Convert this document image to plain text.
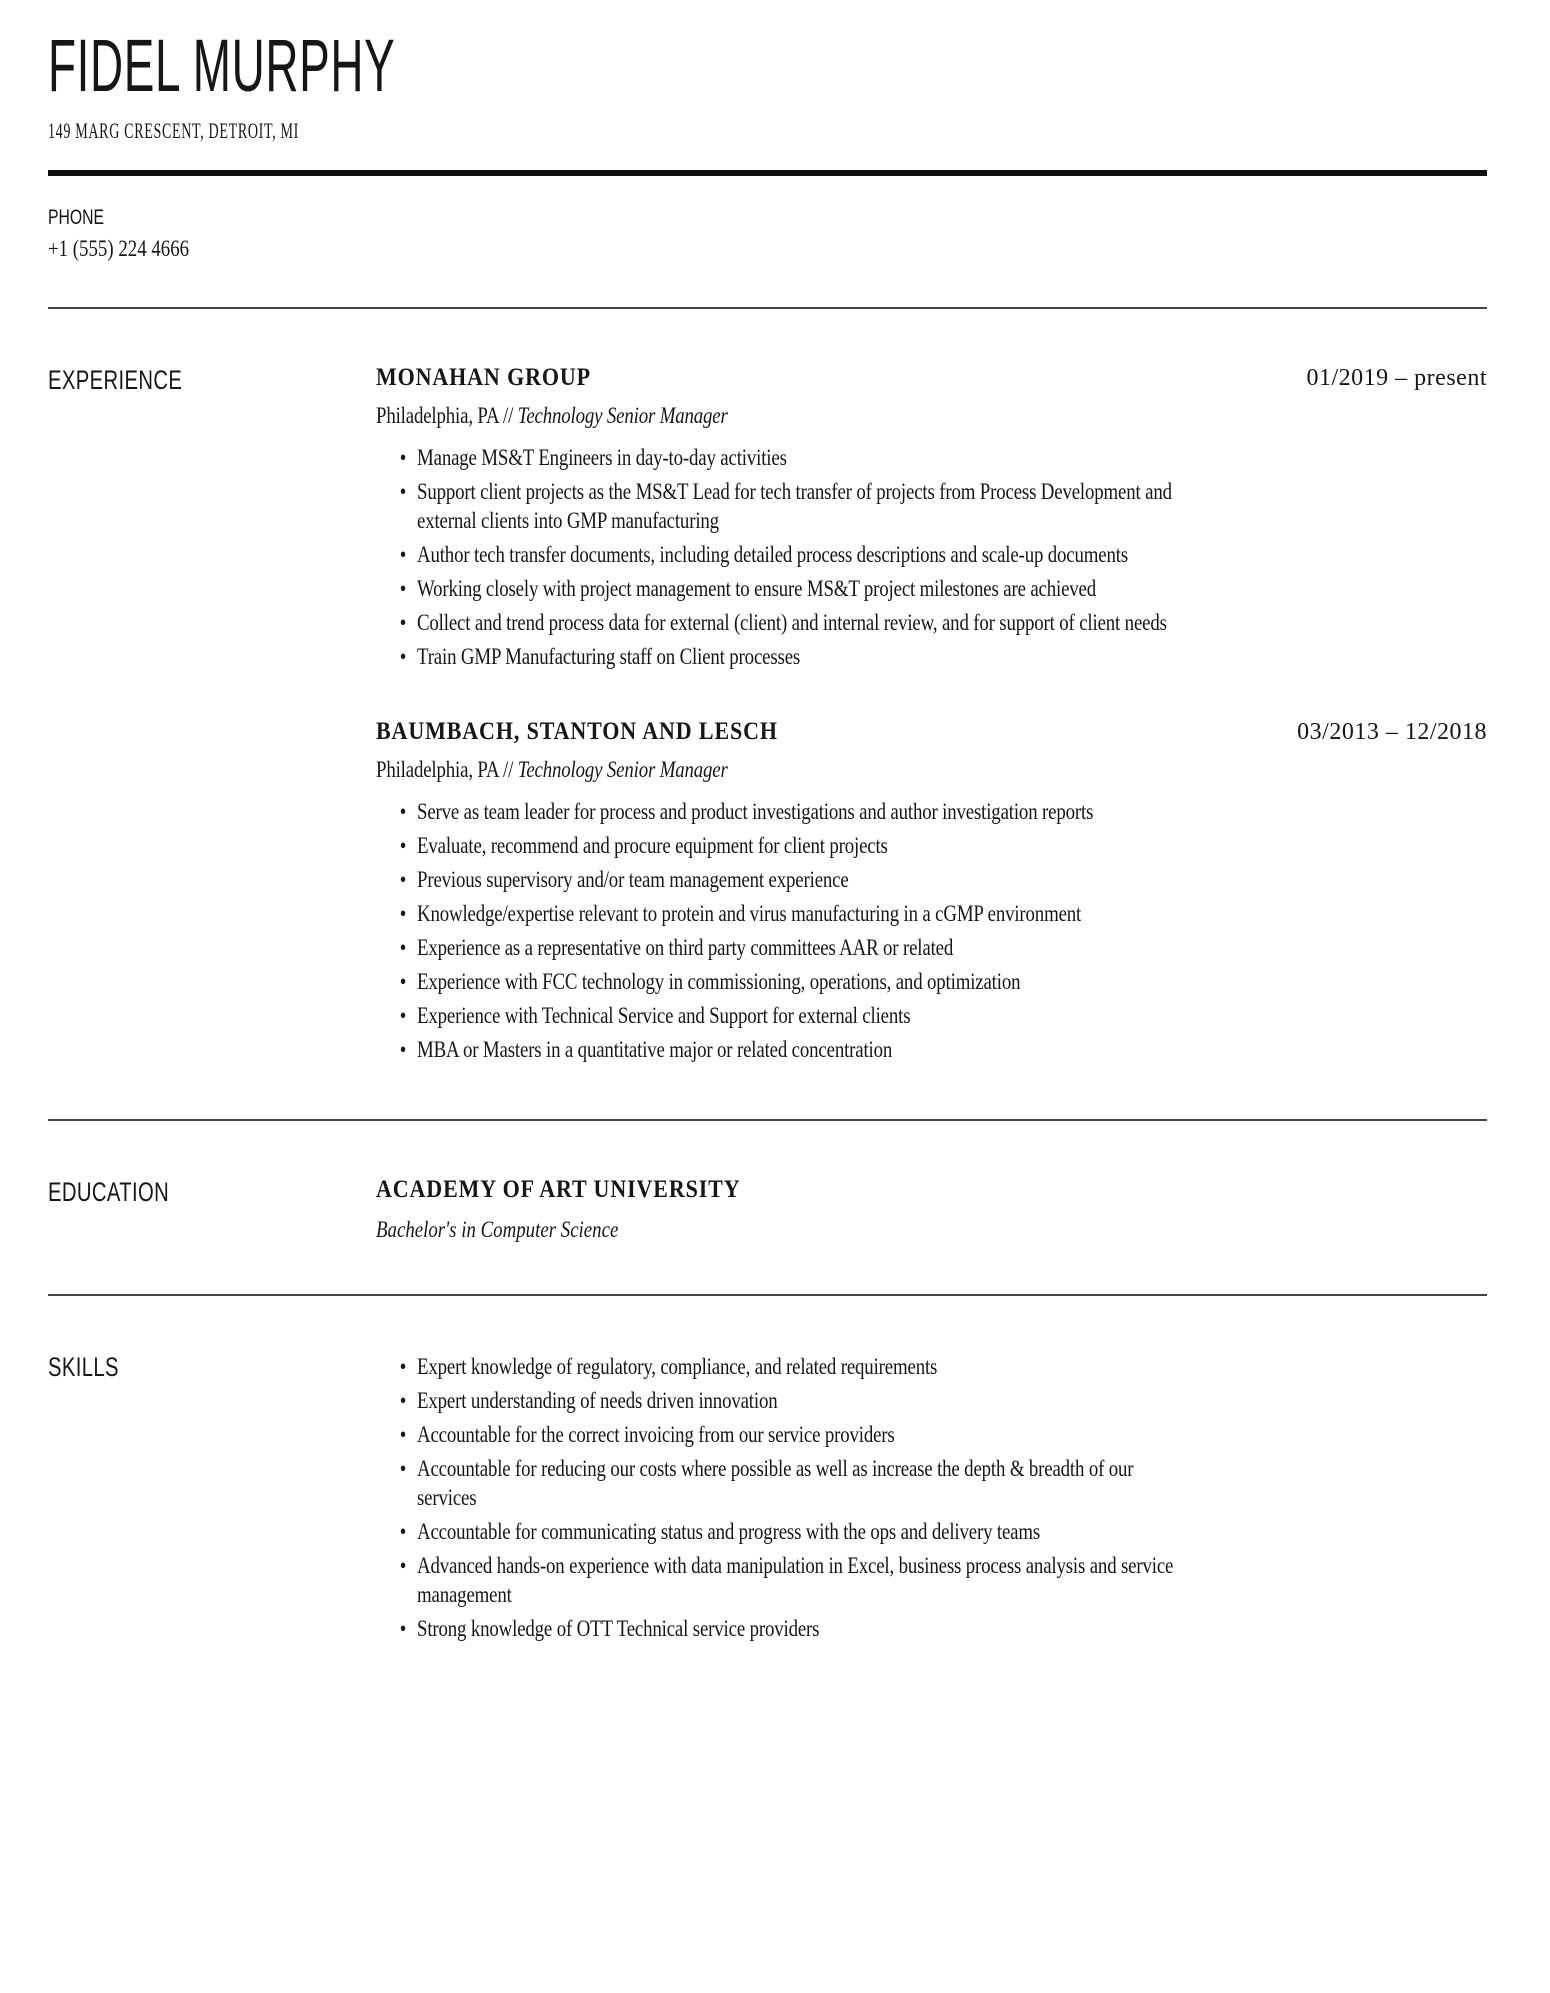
FIDEL MURPHY
149 MARG CRESCENT, DETROIT, MI
PHONE
+1 (555) 224 4666
EXPERIENCE	MONAHAN GROUP	01/2019 – present
Philadelphia, PA // Technology Senior Manager
• Manage MS&T Engineers in day-to-day activities
• Support client projects as the MS&T Lead for tech transfer of projects from Process Development and external clients into GMP manufacturing
• Author tech transfer documents, including detailed process descriptions and scale-up documents
• Working closely with project management to ensure MS&T project milestones are achieved
• Collect and trend process data for external (client) and internal review, and for support of client needs
• Train GMP Manufacturing staff on Client processes
BAUMBACH, STANTON AND LESCH	03/2013 – 12/2018
Philadelphia, PA // Technology Senior Manager
• Serve as team leader for process and product investigations and author investigation reports
• Evaluate, recommend and procure equipment for client projects
• Previous supervisory and/or team management experience
• Knowledge/expertise relevant to protein and virus manufacturing in a cGMP environment
• Experience as a representative on third party committees AAR or related
• Experience with FCC technology in commissioning, operations, and optimization
• Experience with Technical Service and Support for external clients
• MBA or Masters in a quantitative major or related concentration
EDUCATION	ACADEMY OF ART UNIVERSITY
Bachelor's in Computer Science
SKILLS	• Expert knowledge of regulatory, compliance, and related requirements
• Expert understanding of needs driven innovation
• Accountable for the correct invoicing from our service providers
• Accountable for reducing our costs where possible as well as increase the depth & breadth of our services
• Accountable for communicating status and progress with the ops and delivery teams
• Advanced hands-on experience with data manipulation in Excel, business process analysis and service management
• Strong knowledge of OTT Technical service providers
